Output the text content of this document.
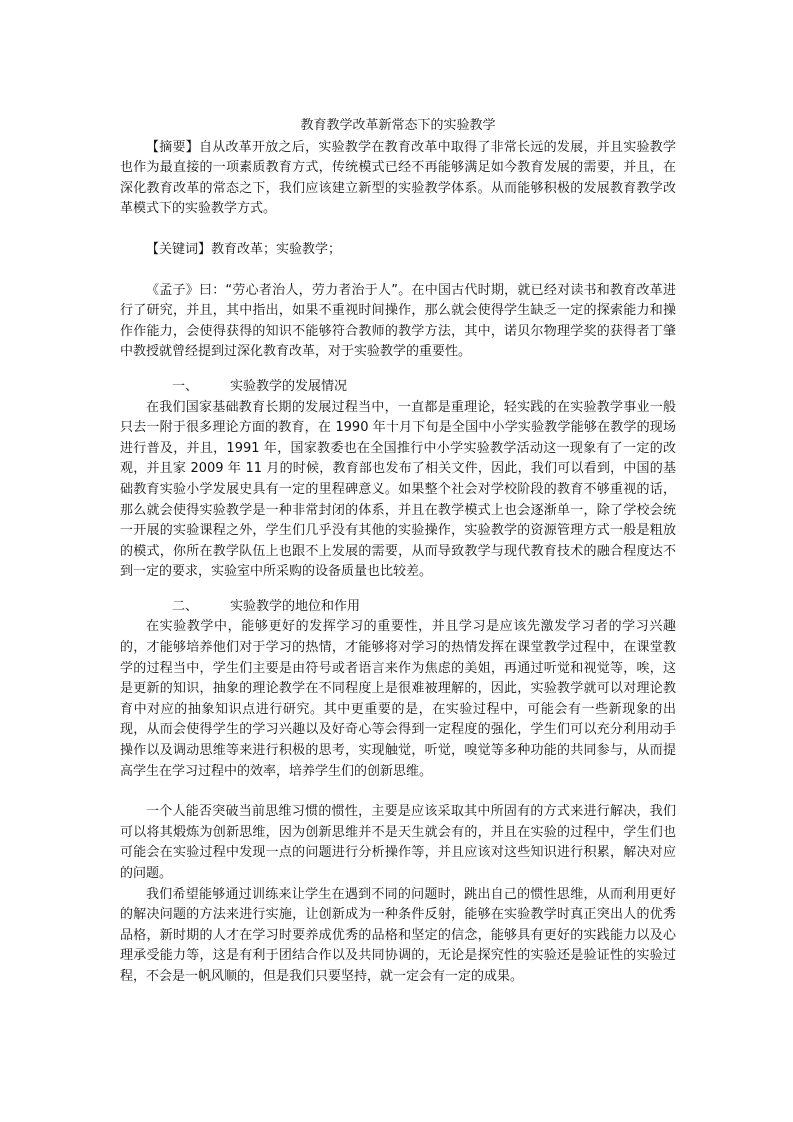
教育教学改革新常态下的实验教学

【摘要】自从改革开放之后，实验教学在教育改革中取得了非常长远的发展，并且实验教学也作为最直接的一项素质教育方式，传统模式已经不再能够满足如今教育发展的需要，并且，在深化教育改革的常态之下，我们应该建立新型的实验教学体系。从而能够积极的发展教育教学改革模式下的实验教学方式。

【关键词】教育改革；实验教学；

《孟子》曰：“劳心者治人，劳力者治于人”。在中国古代时期，就已经对读书和教育改革进行了研究，并且，其中指出，如果不重视时间操作，那么就会使得学生缺乏一定的探索能力和操作作能力，会使得获得的知识不能够符合教师的教学方法，其中，诺贝尔物理学奖的获得者丁肇中教授就曾经提到过深化教育改革，对于实验教学的重要性。

一、 实验教学的发展情况

在我们国家基础教育长期的发展过程当中，一直都是重理论，轻实践的在实验教学事业一般只去一附于很多理论方面的教育，在 1990 年十月下旬是全国中小学实验教学能够在教学的现场进行普及，并且，1991 年，国家教委也在全国推行中小学实验教学活动这一现象有了一定的改观，并且家 2009 年 11 月的时候，教育部也发布了相关文件，因此，我们可以看到，中国的基础教育实验小学发展史具有一定的里程碑意义。如果整个社会对学校阶段的教育不够重视的话，那么就会使得实验教学是一种非常封闭的体系，并且在教学模式上也会逐渐单一，除了学校会统一开展的实验课程之外，学生们几乎没有其他的实验操作，实验教学的资源管理方式一般是粗放的模式，你所在教学队伍上也跟不上发展的需要，从而导致教学与现代教育技术的融合程度达不到一定的要求，实验室中所采购的设备质量也比较差。

二、 实验教学的地位和作用

在实验教学中，能够更好的发挥学习的重要性，并且学习是应该先激发学习者的学习兴趣的，才能够培养他们对于学习的热情，才能够将对学习的热情发挥在课堂教学过程中，在课堂教学的过程当中，学生们主要是由符号或者语言来作为焦虑的美姐，再通过听觉和视觉等，唉，这是更新的知识，抽象的理论教学在不同程度上是很难被理解的，因此，实验教学就可以对理论教育中对应的抽象知识点进行研究。其中更重要的是，在实验过程中，可能会有一些新现象的出现，从而会使得学生的学习兴趣以及好奇心等会得到一定程度的强化，学生们可以充分利用动手操作以及调动思维等来进行积极的思考，实现触觉，听觉，嗅觉等多种功能的共同参与，从而提高学生在学习过程中的效率，培养学生们的创新思维。

一个人能否突破当前思维习惯的惯性，主要是应该采取其中所固有的方式来进行解决，我们可以将其煅炼为创新思维，因为创新思维并不是天生就会有的，并且在实验的过程中，学生们也可能会在实验过程中发现一点的问题进行分析操作等，并且应该对这些知识进行积累，解决对应的问题。

我们希望能够通过训练来让学生在遇到不同的问题时，跳出自己的惯性思维，从而利用更好的解决问题的方法来进行实施，让创新成为一种条件反射，能够在实验教学时真正突出人的优秀品格，新时期的人才在学习时要养成优秀的品格和坚定的信念，能够具有更好的实践能力以及心理承受能力等，这是有利于团结合作以及共同协调的，无论是探究性的实验还是验证性的实验过程，不会是一帆风顺的，但是我们只要坚持，就一定会有一定的成果。
